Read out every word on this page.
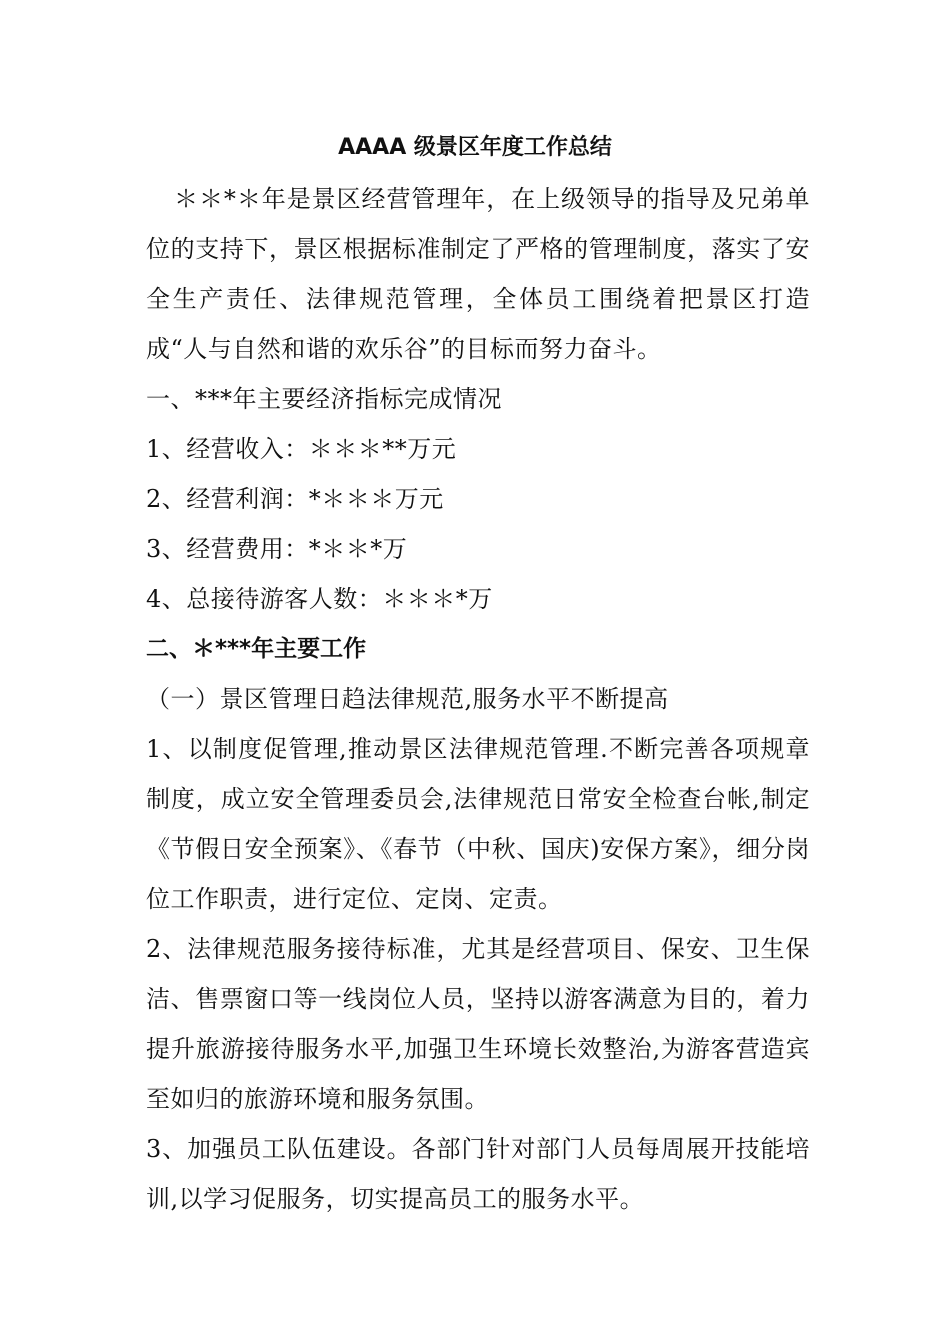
AAAA 级景区年度工作总结

＊＊*＊年是景区经营管理年，在上级领导的指导及兄弟单位的支持下，景区根据标准制定了严格的管理制度，落实了安全生产责任、法律规范管理，全体员工围绕着把景区打造成“人与自然和谐的欢乐谷”的目标而努力奋斗。

一、***年主要经济指标完成情况

1、经营收入：＊＊＊**万元

2、经营利润：*＊＊＊万元

3、经营费用：*＊＊*万

4、总接待游客人数：＊＊＊*万

二、＊***年主要工作

（一）景区管理日趋法律规范,服务水平不断提高

1、以制度促管理,推动景区法律规范管理.不断完善各项规章制度，成立安全管理委员会,法律规范日常安全检查台帐,制定《节假日安全预案》、《春节（中秋、国庆)安保方案》，细分岗位工作职责，进行定位、定岗、定责。

2、法律规范服务接待标准，尤其是经营项目、保安、卫生保洁、售票窗口等一线岗位人员，坚持以游客满意为目的，着力提升旅游接待服务水平,加强卫生环境长效整治,为游客营造宾至如归的旅游环境和服务氛围。

3、加强员工队伍建设。各部门针对部门人员每周展开技能培训,以学习促服务，切实提高员工的服务水平。
